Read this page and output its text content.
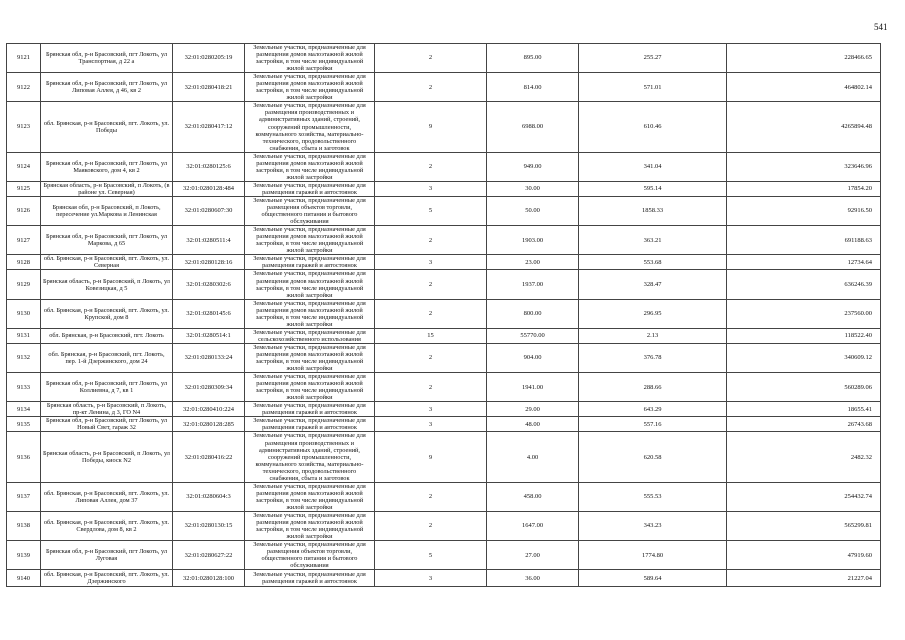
541
9121	Брянская обл, р-н Брасовский, пгт Локоть, ул Транспортная, д 22 а	32:01:0280205:19	Земельные участки, предназначенные для размещения домов малоэтажной жилой застройки, в том числе индивидуальной жилой застройки	2	895.00	255.27	228466.65
9122	Брянская обл, р-н Брасовский, пгт Локоть, ул Липовая Аллея, д 46, кв 2	32:01:0280418:21	Земельные участки, предназначенные для размещения домов малоэтажной жилой застройки, в том числе индивидуальной жилой застройки	2	814.00	571.01	464802.14
9123	обл. Брянская, р-н Брасовский, пгт. Локоть, ул. Победы	32:01:0280417:12	Земельные участки, предназначенные для размещения производственных и административных зданий, строений, сооружений промышленности, коммунального хозяйства, материально-технического, продовольственного снабжения, сбыта и заготовок	9	6988.00	610.46	4265894.48
9124	Брянская обл, р-н Брасовский, пгт Локоть, ул Маяковского, дом 4, кв 2	32:01:0280125:6	Земельные участки, предназначенные для размещения домов малоэтажной жилой застройки, в том числе индивидуальной жилой застройки	2	949.00	341.04	323646.96
9125	Брянская область, р-н Брасовский, п Локоть, (в районе ул. Северная)	32:01:0280128:484	Земельные участки, предназначенные для размещения гаражей и автостоянок	3	30.00	595.14	17854.20
9126	Брянская обл, р-н Брасовский, п Локоть, пересечение ул.Марковa и Ленинская	32:01:0280607:30	Земельные участки, предназначенные для размещения объектов торговли, общественного питания и бытового обслуживания	5	50.00	1858.33	92916.50
9127	Брянская обл, р-н Брасовский, пгт Локоть, ул Маркова, д 65	32:01:0280511:4	Земельные участки, предназначенные для размещения домов малоэтажной жилой застройки, в том числе индивидуальной жилой застройки	2	1903.00	363.21	691188.63
9128	обл. Брянская, р-н Брасовский, пгт. Локоть, ул. Северная	32:01:0280128:16	Земельные участки, предназначенные для размещения гаражей и автостоянок	3	23.00	553.68	12734.64
9129	Брянская область, р-н Брасовский, п Локоть, ул Ковезицкая, д 5	32:01:0280302:6	Земельные участки, предназначенные для размещения домов малоэтажной жилой застройки, в том числе индивидуальной жилой застройки	2	1937.00	328.47	636246.39
9130	обл. Брянская, р-н Брасовский, пгт. Локоть, ул. Крупской, дом 8	32:01:0280145:6	Земельные участки, предназначенные для размещения домов малоэтажной жилой застройки, в том числе индивидуальной жилой застройки	2	800.00	296.95	237560.00
9131	обл. Брянская, р-н Брасовский, пгт. Локоть	32:01:0280514:1	Земельные участки, предназначенные для сельскохозяйственного использования	15	55770.00	2.13	118522.40
9132	обл. Брянская, р-н Брасовский, пгт. Локоть, пер. 1-й Дзержинского, дом 24	32:01:0280133:24	Земельные участки, предназначенные для размещения домов малоэтажной жилой застройки, в том числе индивидуальной жилой застройки	2	904.00	376.78	340609.12
9133	Брянская обл, р-н Брасовский, пгт Локоть, ул Коллиевна, д 7, кв 1	32:01:0280309:34	Земельные участки, предназначенные для размещения домов малоэтажной жилой застройки, в том числе индивидуальной жилой застройки	2	1941.00	288.66	560289.06
9134	Брянская область, р-н Брасовский, п Локоть, пр-кт Ленина, д 3, ГО N4	32:01:0280410:224	Земельные участки, предназначенные для размещения гаражей и автостоянок	3	29.00	643.29	18655.41
9135	Брянская обл, р-н Брасовский, пгт Локоть, ул Новый Свет, гараж 32	32:01:0280128:285	Земельные участки, предназначенные для размещения гаражей и автостоянок	3	48.00	557.16	26743.68
9136	Брянская область, р-н Брасовский, п Локоть, ул Победы, киоск N2	32:01:0280416:22	Земельные участки, предназначенные для размещения производственных и административных зданий, строений, сооружений промышленности, коммунального хозяйства, материально-технического, продовольственного снабжения, сбыта и заготовок	9	4.00	620.58	2482.32
9137	обл. Брянская, р-н Брасовский, пгт. Локоть, ул. Липовая Аллея, дом 37	32:01:0280604:3	Земельные участки, предназначенные для размещения домов малоэтажной жилой застройки, в том числе индивидуальной жилой застройки	2	458.00	555.53	254432.74
9138	обл. Брянская, р-н Брасовский, пгт. Локоть, ул. Свердлова, дом 8, кв 2	32:01:0280130:15	Земельные участки, предназначенные для размещения домов малоэтажной жилой застройки, в том числе индивидуальной жилой застройки	2	1647.00	343.23	565299.81
9139	Брянская обл, р-н Брасовский, пгт Локоть, ул Луговая	32:01:0280627:22	Земельные участки, предназначенные для размещения объектов торговли, общественного питания и бытового обслуживания	5	27.00	1774.80	47919.60
9140	обл. Брянская, р-н Брасовский, пгт. Локоть, ул. Дзержинского	32:01:0280128:100	Земельные участки, предназначенные для размещения гаражей и автостоянок	3	36.00	589.64	21227.04
